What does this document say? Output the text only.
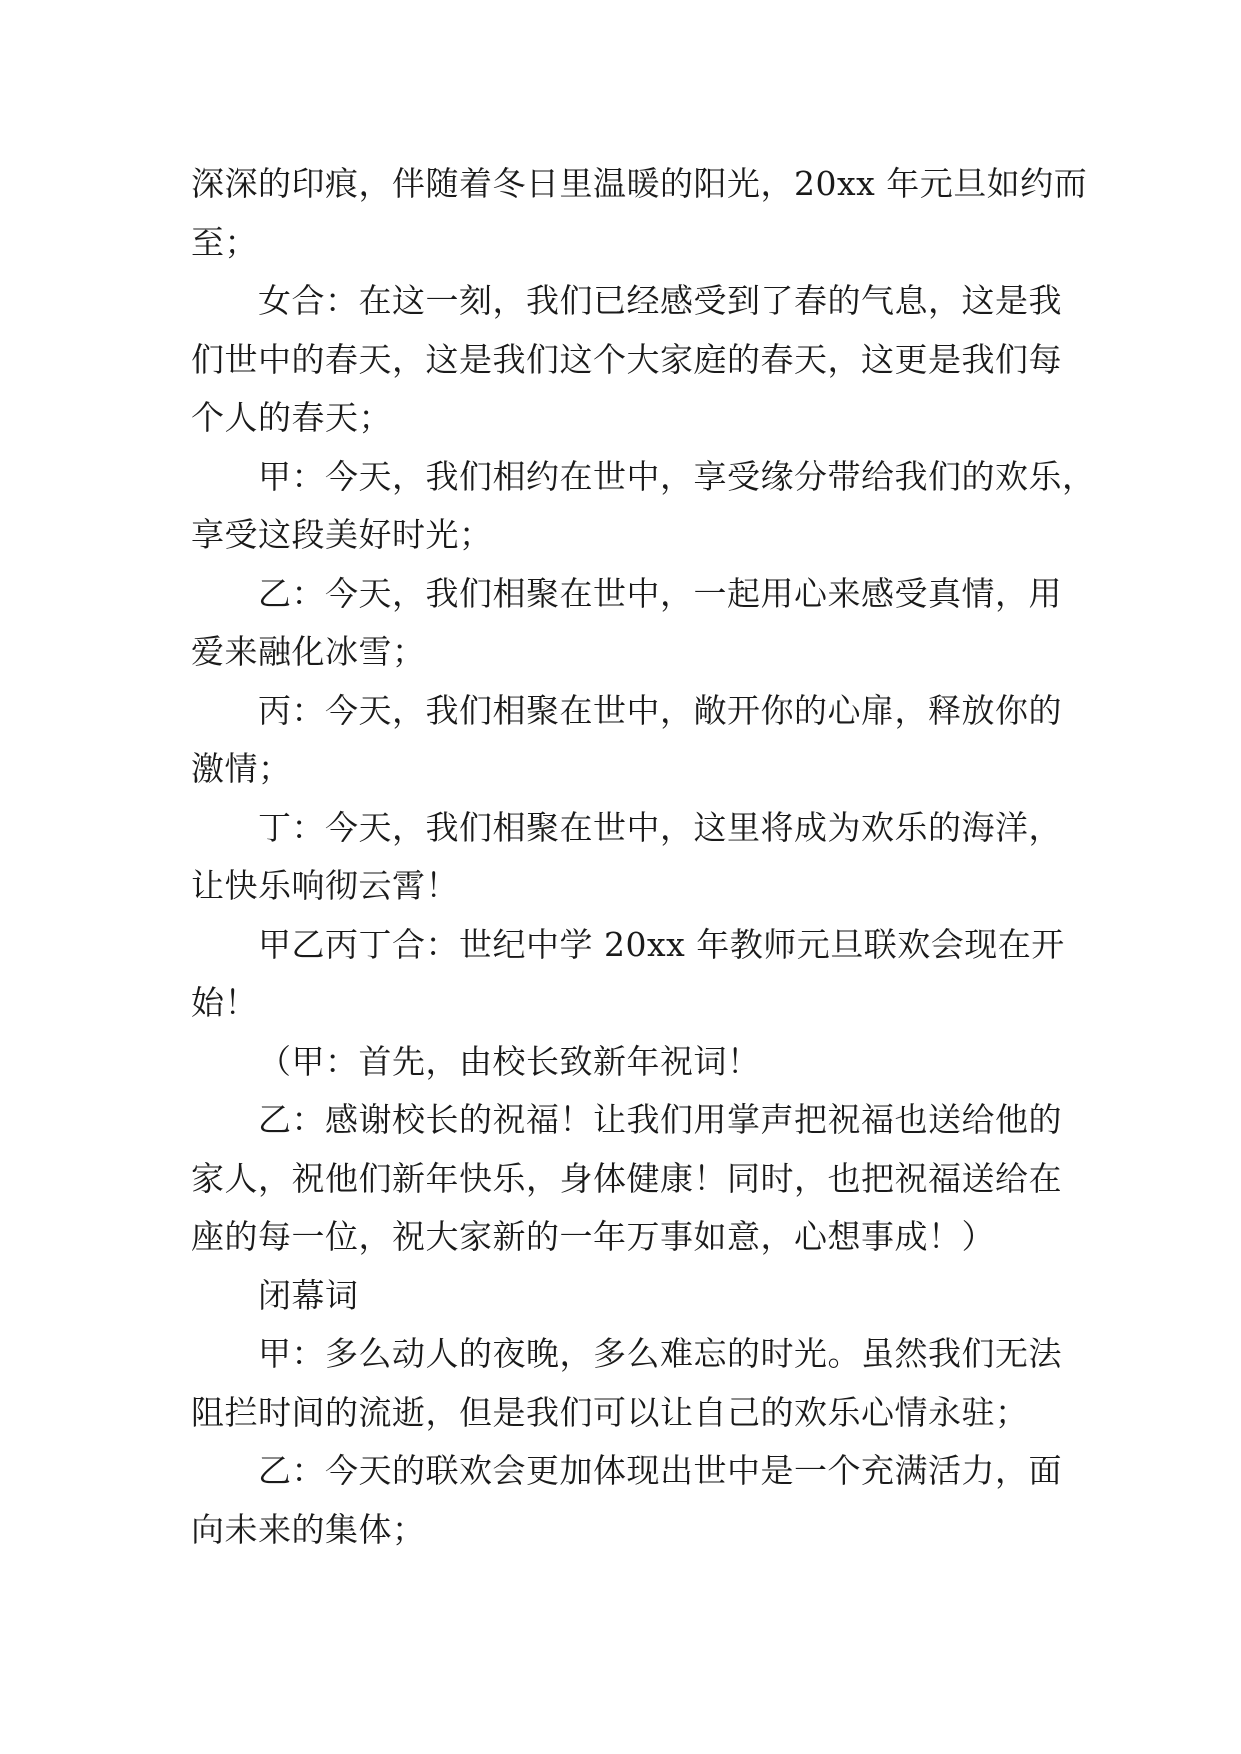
深深的印痕，伴随着冬日里温暖的阳光，20xx 年元旦如约而
至；

女合：在这一刻，我们已经感受到了春的气息，这是我
们世中的春天，这是我们这个大家庭的春天，这更是我们每
个人的春天；

甲：今天，我们相约在世中，享受缘分带给我们的欢乐，
享受这段美好时光；

乙：今天，我们相聚在世中，一起用心来感受真情，用
爱来融化冰雪；

丙：今天，我们相聚在世中，敞开你的心扉，释放你的
激情；

丁：今天，我们相聚在世中，这里将成为欢乐的海洋，
让快乐响彻云霄！

甲乙丙丁合：世纪中学 20xx 年教师元旦联欢会现在开
始！

（甲：首先，由校长致新年祝词！

乙：感谢校长的祝福！让我们用掌声把祝福也送给他的
家人，祝他们新年快乐，身体健康！同时，也把祝福送给在
座的每一位，祝大家新的一年万事如意，心想事成！）

闭幕词

甲：多么动人的夜晚，多么难忘的时光。虽然我们无法
阻拦时间的流逝，但是我们可以让自己的欢乐心情永驻；

乙：今天的联欢会更加体现出世中是一个充满活力，面
向未来的集体；
